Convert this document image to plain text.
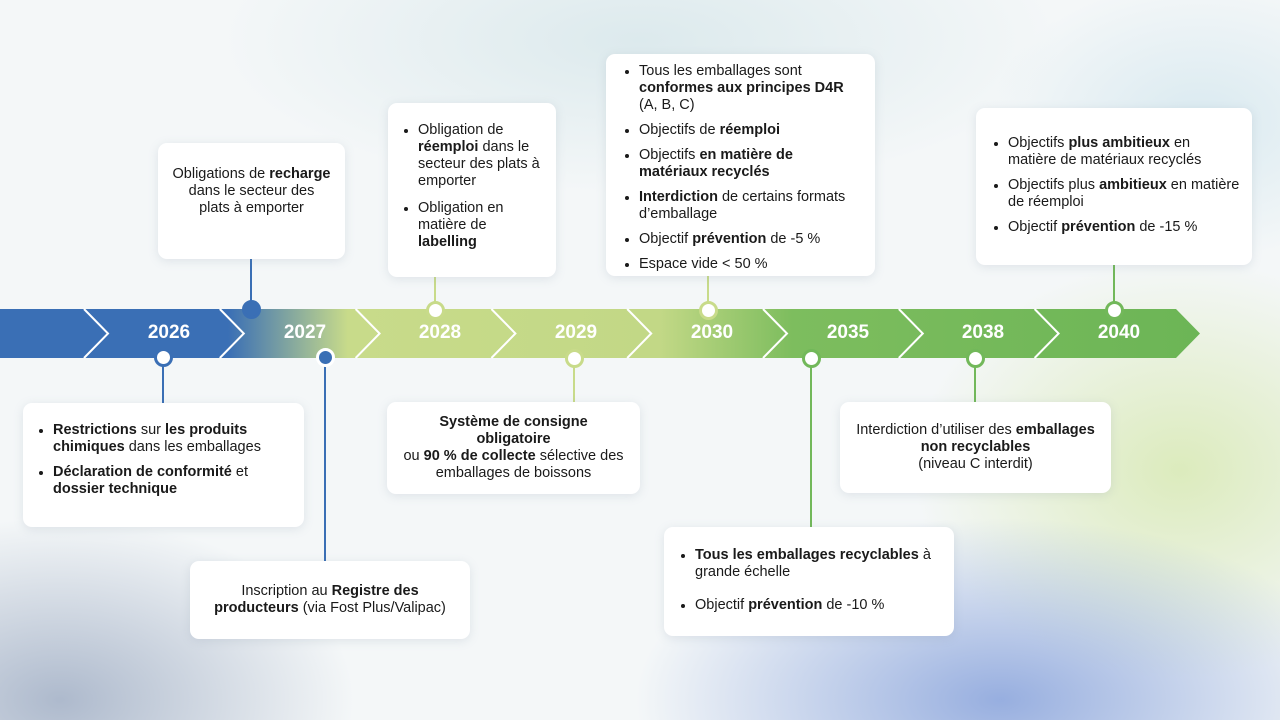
2026	2027	2028	2029	2030	2035	2038	2040
• Restrictions sur les produits chimiques dans les emballages
• Déclaration de conformité et dossier technique
Obligations de recharge dans le secteur des plats à emporter
Inscription au Registre des producteurs (via Fost Plus/Valipac)
• Obligation de réemploi dans le secteur des plats à emporter
• Obligation en matière de labelling
Système de consigne obligatoire
ou 90 % de collecte sélective des emballages de boissons
• Tous les emballages sont conformes aux principes D4R (A, B, C)
• Objectifs de réemploi
• Objectifs en matière de matériaux recyclés
• Interdiction de certains formats d’emballage
• Objectif prévention de -5 %
• Espace vide < 50 %
• Tous les emballages recyclables à grande échelle
• Objectif prévention de -10 %
Interdiction d’utiliser des emballages non recyclables
(niveau C interdit)
• Objectifs plus ambitieux en matière de matériaux recyclés
• Objectifs plus ambitieux en matière de réemploi
• Objectif prévention de -15 %
